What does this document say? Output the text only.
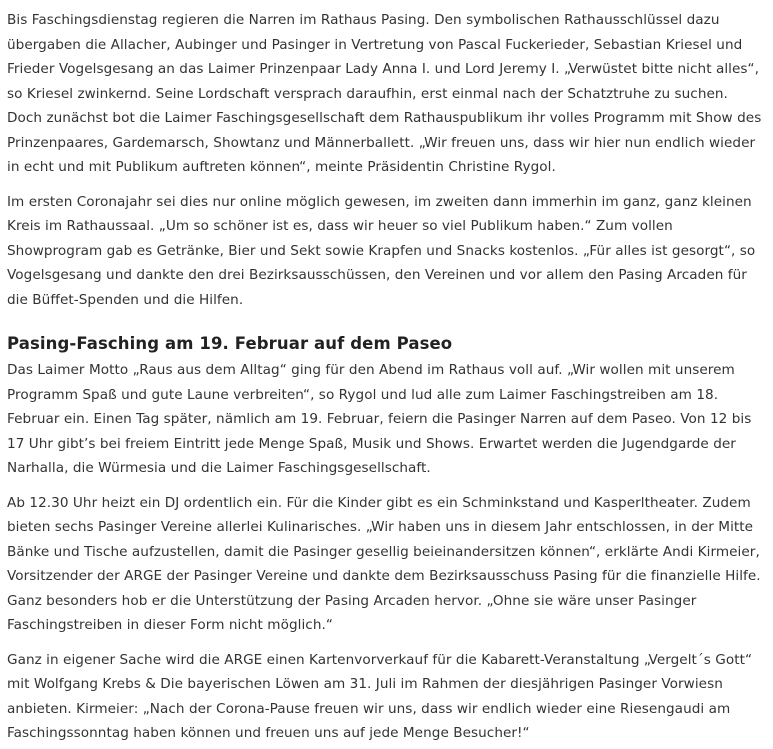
Bis Faschingsdienstag regieren die Narren im Rathaus Pasing. Den symbolischen Rathausschlüssel dazu übergaben die Allacher, Aubinger und Pasinger in Vertretung von Pascal Fuckerieder, Sebastian Kriesel und Frieder Vogelsgesang an das Laimer Prinzenpaar Lady Anna I. und Lord Jeremy I. „Verwüstet bitte nicht alles“, so Kriesel zwinkernd. Seine Lordschaft versprach daraufhin, erst einmal nach der Schatztruhe zu suchen. Doch zunächst bot die Laimer Faschingsgesellschaft dem Rathauspublikum ihr volles Programm mit Show des Prinzenpaares, Gardemarsch, Showtanz und Männerballett. „Wir freuen uns, dass wir hier nun endlich wieder in echt und mit Publikum auftreten können“, meinte Präsidentin Christine Rygol.

Im ersten Coronajahr sei dies nur online möglich gewesen, im zweiten dann immerhin im ganz, ganz kleinen Kreis im Rathaussaal. „Um so schöner ist es, dass wir heuer so viel Publikum haben.“ Zum vollen Showprogram gab es Getränke, Bier und Sekt sowie Krapfen und Snacks kostenlos. „Für alles ist gesorgt“, so Vogelsgesang und dankte den drei Bezirksausschüssen, den Vereinen und vor allem den Pasing Arcaden für die Büffet-Spenden und die Hilfen.

Pasing-Fasching am 19. Februar auf dem Paseo

Das Laimer Motto „Raus aus dem Alltag“ ging für den Abend im Rathaus voll auf. „Wir wollen mit unserem Programm Spaß und gute Laune verbreiten“, so Rygol und lud alle zum Laimer Faschingstreiben am 18. Februar ein. Einen Tag später, nämlich am 19. Februar, feiern die Pasinger Narren auf dem Paseo. Von 12 bis 17 Uhr gibt’s bei freiem Eintritt jede Menge Spaß, Musik und Shows. Erwartet werden die Jugendgarde der Narhalla, die Würmesia und die Laimer Faschingsgesellschaft.

Ab 12.30 Uhr heizt ein DJ ordentlich ein. Für die Kinder gibt es ein Schminkstand und Kasperltheater. Zudem bieten sechs Pasinger Vereine allerlei Kulinarisches. „Wir haben uns in diesem Jahr entschlossen, in der Mitte Bänke und Tische aufzustellen, damit die Pasinger gesellig beieinandersitzen können“, erklärte Andi Kirmeier, Vorsitzender der ARGE der Pasinger Vereine und dankte dem Bezirksausschuss Pasing für die finanzielle Hilfe. Ganz besonders hob er die Unterstützung der Pasing Arcaden hervor. „Ohne sie wäre unser Pasinger Faschingstreiben in dieser Form nicht möglich.“

Ganz in eigener Sache wird die ARGE einen Kartenvorverkauf für die Kabarett-Veranstaltung „Vergelt´s Gott“ mit Wolfgang Krebs & Die bayerischen Löwen am 31. Juli im Rahmen der diesjährigen Pasinger Vorwiesn anbieten. Kirmeier: „Nach der Corona-Pause freuen wir uns, dass wir endlich wieder eine Riesengaudi am Faschingssonntag haben können und freuen uns auf jede Menge Besucher!“
